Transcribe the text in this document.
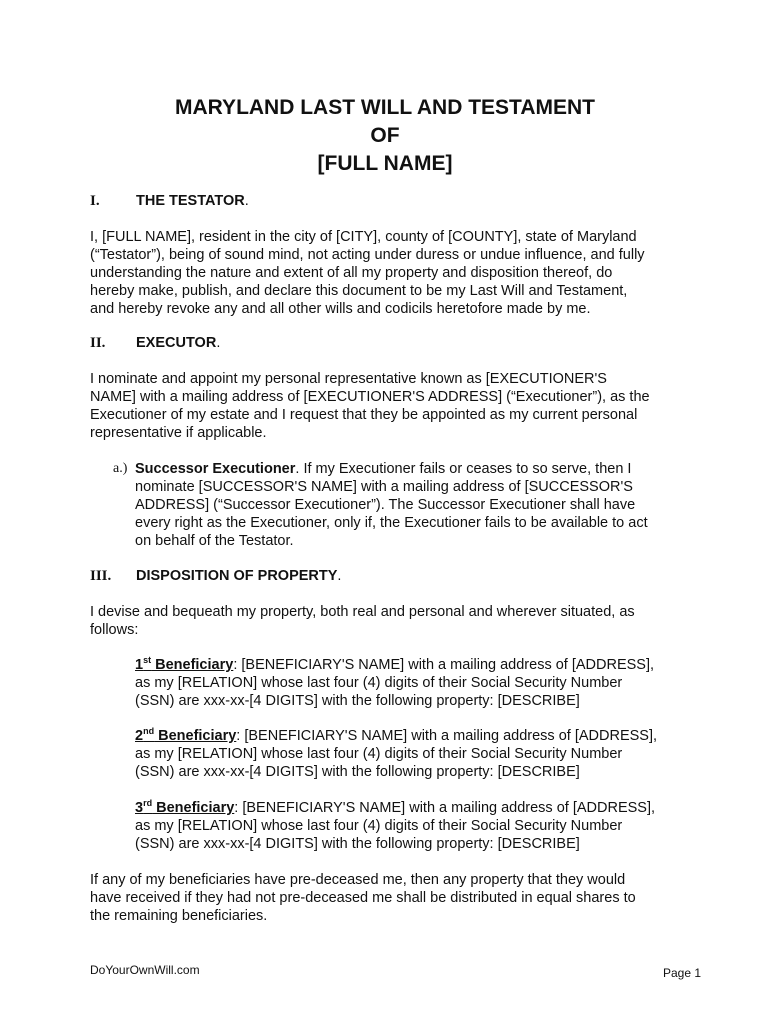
MARYLAND LAST WILL AND TESTAMENT
OF
[FULL NAME]
I.	THE TESTATOR.
I, [FULL NAME], resident in the city of [CITY], county of [COUNTY], state of Maryland
(“Testator”), being of sound mind, not acting under duress or undue influence, and fully
understanding the nature and extent of all my property and disposition thereof, do
hereby make, publish, and declare this document to be my Last Will and Testament,
and hereby revoke any and all other wills and codicils heretofore made by me.
II. EXECUTOR.
I nominate and appoint my personal representative known as [EXECUTIONER'S
NAME] with a mailing address of [EXECUTIONER'S ADDRESS] (“Executioner”), as the
Executioner of my estate and I request that they be appointed as my current personal
representative if applicable.
a.) Successor Executioner. If my Executioner fails or ceases to so serve, then I
nominate [SUCCESSOR'S NAME] with a mailing address of [SUCCESSOR'S
ADDRESS] (“Successor Executioner”). The Successor Executioner shall have
every right as the Executioner, only if, the Executioner fails to be available to act
on behalf of the Testator.
III. DISPOSITION OF PROPERTY.
I devise and bequeath my property, both real and personal and wherever situated, as
follows:
1st Beneficiary: [BENEFICIARY'S NAME] with a mailing address of [ADDRESS],
as my [RELATION] whose last four (4) digits of their Social Security Number
(SSN) are xxx-xx-[4 DIGITS] with the following property: [DESCRIBE]
2nd Beneficiary: [BENEFICIARY'S NAME] with a mailing address of [ADDRESS],
as my [RELATION] whose last four (4) digits of their Social Security Number
(SSN) are xxx-xx-[4 DIGITS] with the following property: [DESCRIBE]
3rd Beneficiary: [BENEFICIARY'S NAME] with a mailing address of [ADDRESS],
as my [RELATION] whose last four (4) digits of their Social Security Number
(SSN) are xxx-xx-[4 DIGITS] with the following property: [DESCRIBE]
If any of my beneficiaries have pre-deceased me, then any property that they would
have received if they had not pre-deceased me shall be distributed in equal shares to
the remaining beneficiaries.
DoYourOwnWill.com	Page 1
